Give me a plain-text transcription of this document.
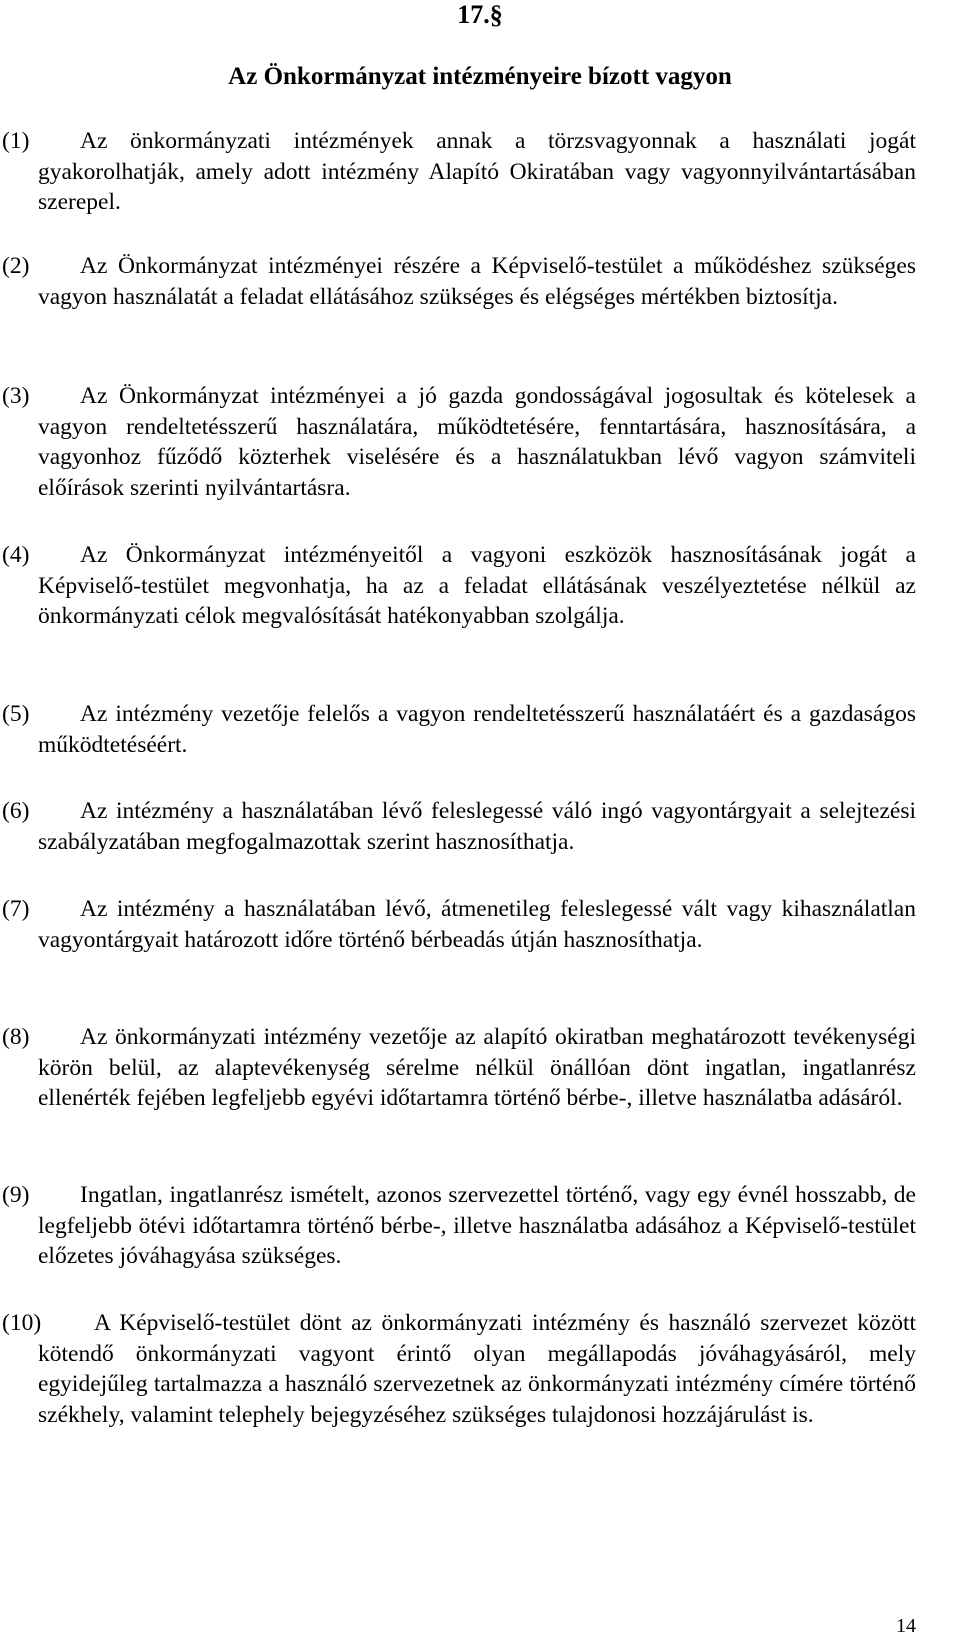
17.§
Az Önkormányzat intézményeire bízott vagyon
(1)	Az önkormányzati intézmények annak a törzsvagyonnak a használati jogát gyakorolhatják, amely adott intézmény Alapító Okiratában vagy vagyonnyilvántartásában szerepel.

(2)	Az Önkormányzat intézményei részére a Képviselő-testület a működéshez szükséges vagyon használatát a feladat ellátásához szükséges és elégséges mértékben biztosítja.

(3)	Az Önkormányzat intézményei a jó gazda gondosságával jogosultak és kötelesek a vagyon rendeltetésszerű használatára, működtetésére, fenntartására, hasznosítására, a vagyonhoz fűződő közterhek viselésére és a használatukban lévő vagyon számviteli előírások szerinti nyilvántartásra.

(4)	Az Önkormányzat intézményeitől a vagyoni eszközök hasznosításának jogát a Képviselő-testület megvonhatja, ha az a feladat ellátásának veszélyeztetése nélkül az önkormányzati célok megvalósítását hatékonyabban szolgálja.

(5)	Az intézmény vezetője felelős a vagyon rendeltetésszerű használatáért és a gazdaságos működtetéséért.

(6)	Az intézmény a használatában lévő feleslegessé váló ingó vagyontárgyait a selejtezési szabályzatában megfogalmazottak szerint hasznosíthatja.

(7)	Az intézmény a használatában lévő, átmenetileg feleslegessé vált vagy kihasználatlan vagyontárgyait határozott időre történő bérbeadás útján hasznosíthatja.

(8)	Az önkormányzati intézmény vezetője az alapító okiratban meghatározott tevékenységi körön belül, az alaptevékenység sérelme nélkül önállóan dönt ingatlan, ingatlanrész ellenérték fejében legfeljebb egyévi időtartamra történő bérbe-, illetve használatba adásáról.

(9)	Ingatlan, ingatlanrész ismételt, azonos szervezettel történő, vagy egy évnél hosszabb, de legfeljebb ötévi időtartamra történő bérbe-, illetve használatba adásához a Képviselő-testület előzetes jóváhagyása szükséges.

(10)	A Képviselő-testület dönt az önkormányzati intézmény és használó szervezet között kötendő önkormányzati vagyont érintő olyan megállapodás jóváhagyásáról, mely egyidejűleg tartalmazza a használó szervezetnek az önkormányzati intézmény címére történő székhely, valamint telephely bejegyzéséhez szükséges tulajdonosi hozzájárulást is.

14
